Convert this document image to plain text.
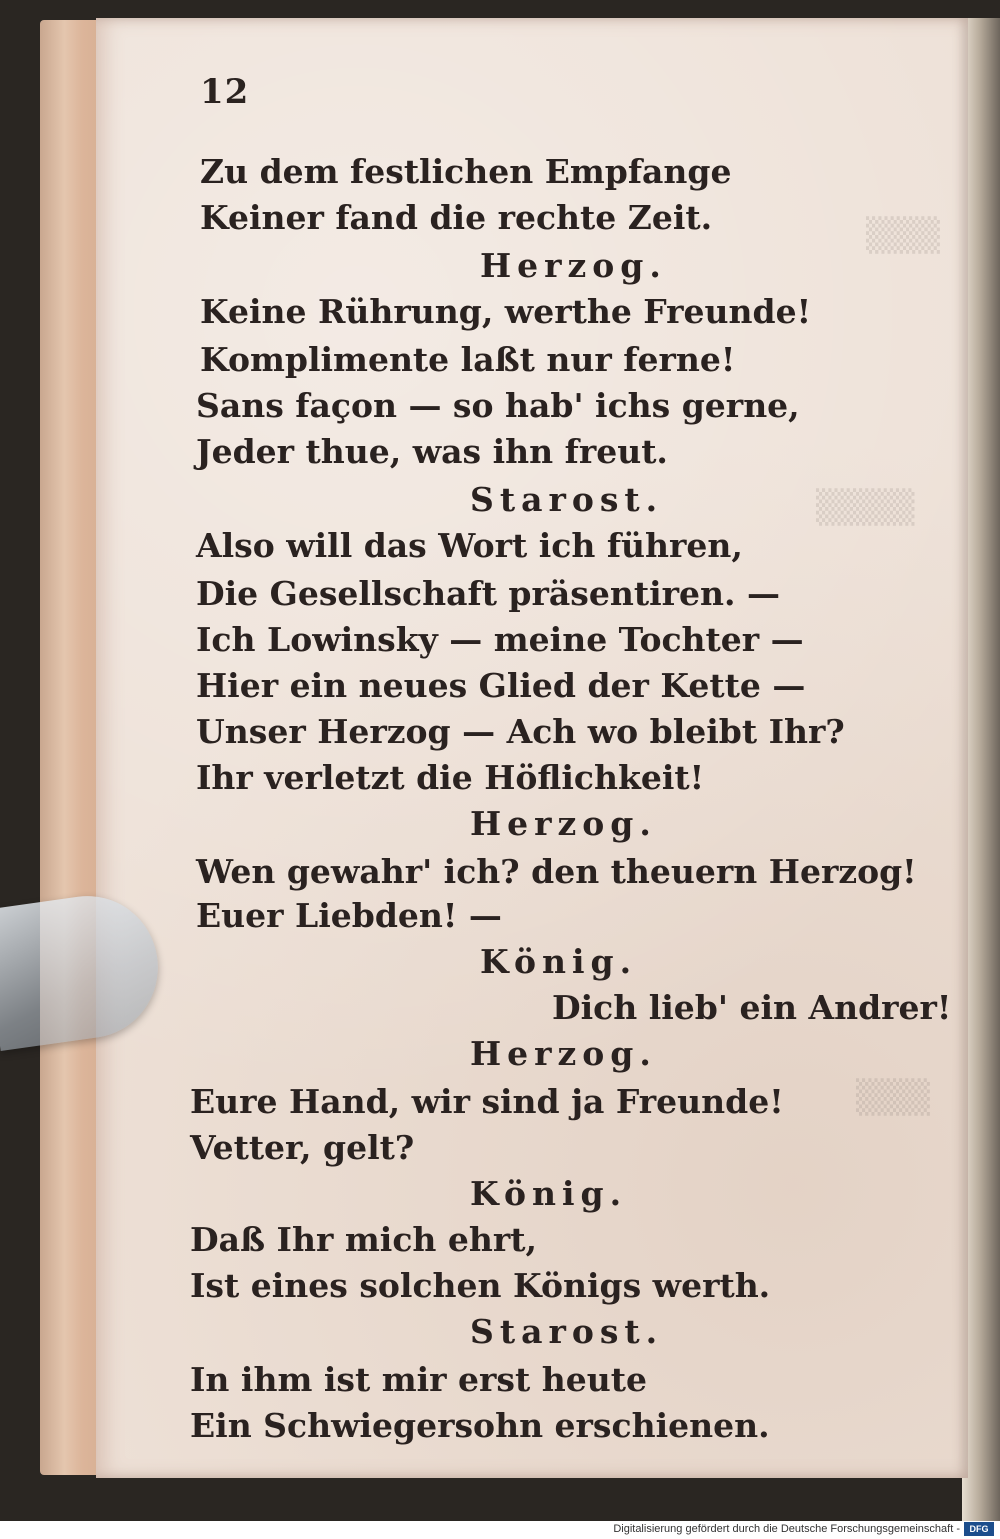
▒▒▒
▒▒▒▒
▒▒▒
12
Zu dem festlichen Empfange
Keiner fand die rechte Zeit.
Herzog.
Keine Rührung, werthe Freunde!
Komplimente laßt nur ferne!
Sans façon — so hab' ichs gerne,
Jeder thue, was ihn freut.
Starost.
Also will das Wort ich führen,
Die Gesellschaft präsentiren. —
Ich Lowinsky — meine Tochter —
Hier ein neues Glied der Kette —
Unser Herzog — Ach wo bleibt Ihr?
Ihr verletzt die Höflichkeit!
Herzog.
Wen gewahr' ich? den theuern Herzog!
Euer Liebden! —
König.
Dich lieb' ein Andrer!
Herzog.
Eure Hand, wir sind ja Freunde!
Vetter, gelt?
König.
Daß Ihr mich ehrt,
Ist eines solchen Königs werth.
Starost.
In ihm ist mir erst heute
Ein Schwiegersohn erschienen.
Digitalisierung gefördert durch die Deutsche Forschungsgemeinschaft -	DFG
